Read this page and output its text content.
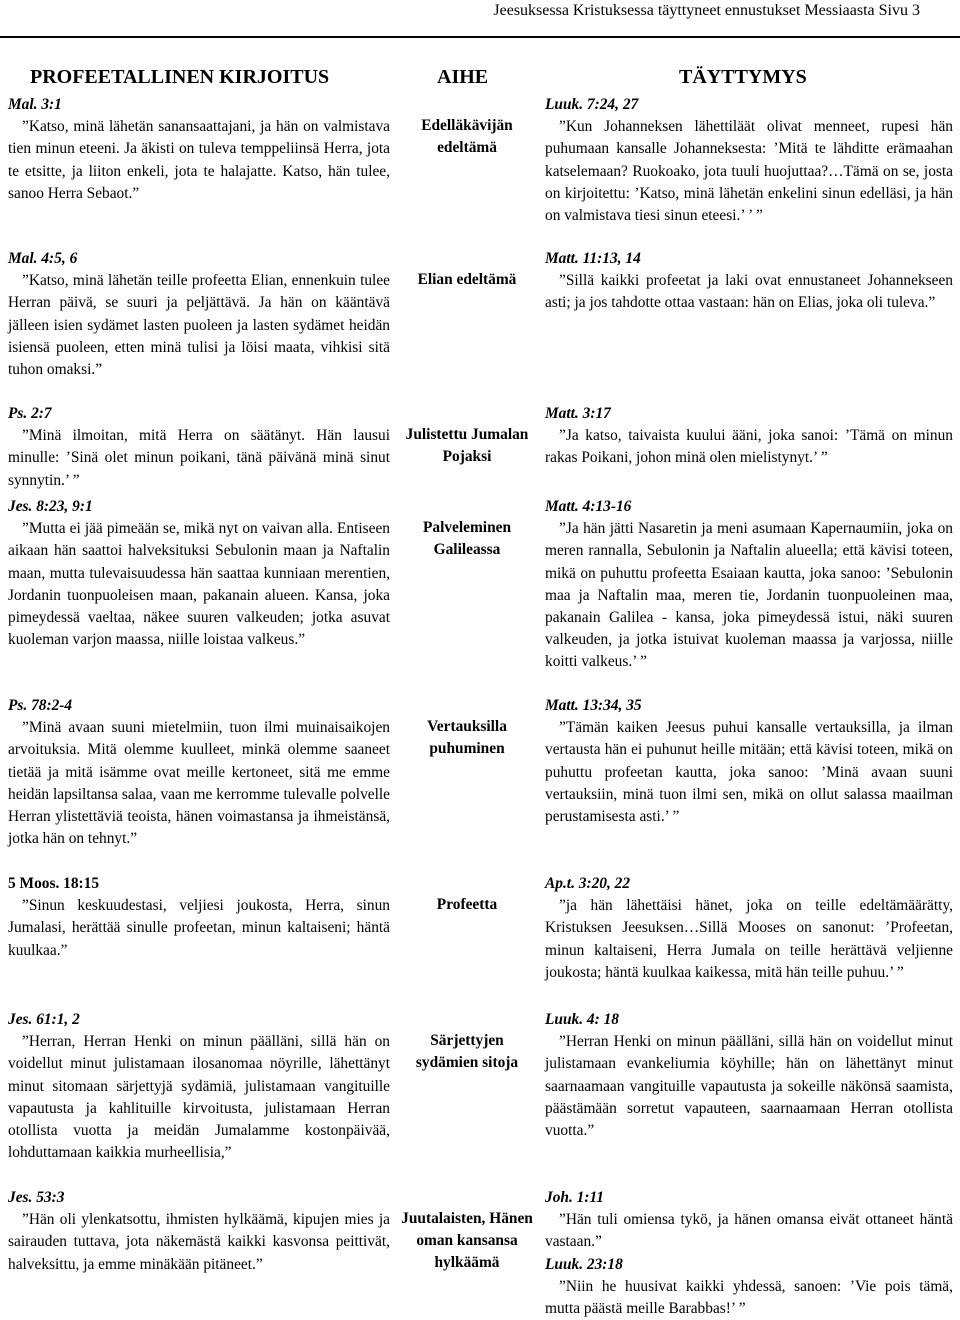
Jeesuksessa Kristuksessa täyttyneet ennustukset Messiaasta Sivu 3
PROFEETALLINEN KIRJOITUS	AIHE	TÄYTTYMYS
Mal. 3:1
”Katso, minä lähetän sanansaattajani, ja hän on valmistava tien minun eteeni. Ja äkisti on tuleva temppeliinsä Herra, jota te etsitte, ja liiton enkeli, jota te halajatte. Katso, hän tulee, sanoo Herra Sebaot.”
Edelläkävijän edeltämä
Luuk. 7:24, 27
”Kun Johanneksen lähettiläät olivat menneet, rupesi hän puhumaan kansalle Johanneksesta: ’Mitä te lähditte erämaahan katselemaan? Ruokoako, jota tuuli huojuttaa?…Tämä on se, josta on kirjoitettu: ’Katso, minä lähetän enkelini sinun edelläsi, ja hän on valmistava tiesi sinun eteesi.’ ’ ”
Mal. 4:5, 6
”Katso, minä lähetän teille profeetta Elian, ennenkuin tulee Herran päivä, se suuri ja peljättävä. Ja hän on kääntävä jälleen isien sydämet lasten puoleen ja lasten sydämet heidän isiensä puoleen, etten minä tulisi ja löisi maata, vihkisi sitä tuhon omaksi.”
Elian edeltämä
Matt. 11:13, 14
”Sillä kaikki profeetat ja laki ovat ennustaneet Johannekseen asti; ja jos tahdotte ottaa vastaan: hän on Elias, joka oli tuleva.”
Ps. 2:7
”Minä ilmoitan, mitä Herra on säätänyt. Hän lausui minulle: ’Sinä olet minun poikani, tänä päivänä minä sinut synnytin.’ ”
Julistettu Jumalan Pojaksi
Matt. 3:17
”Ja katso, taivaista kuului ääni, joka sanoi: ’Tämä on minun rakas Poikani, johon minä olen mielistynyt.’ ”
Jes. 8:23, 9:1
”Mutta ei jää pimeään se, mikä nyt on vaivan alla. Entiseen aikaan hän saattoi halveksituksi Sebulonin maan ja Naftalin maan, mutta tulevaisuudessa hän saattaa kunniaan merentien, Jordanin tuonpuoleisen maan, pakanain alueen. Kansa, joka pimeydessä vaeltaa, näkee suuren valkeuden; jotka asuvat kuoleman varjon maassa, niille loistaa valkeus.”
Palveleminen Galileassa
Matt. 4:13-16
”Ja hän jätti Nasaretin ja meni asumaan Kapernaumiin, joka on meren rannalla, Sebulonin ja Naftalin alueella; että kävisi toteen, mikä on puhuttu profeetta Esaiaan kautta, joka sanoo: ’Sebulonin maa ja Naftalin maa, meren tie, Jordanin tuonpuoleinen maa, pakanain Galilea - kansa, joka pimeydessä istui, näki suuren valkeuden, ja jotka istuivat kuoleman maassa ja varjossa, niille koitti valkeus.’ ”
Ps. 78:2-4
”Minä avaan suuni mietelmiin, tuon ilmi muinaisaikojen arvoituksia. Mitä olemme kuulleet, minkä olemme saaneet tietää ja mitä isämme ovat meille kertoneet, sitä me emme heidän lapsiltansa salaa, vaan me kerromme tulevalle polvelle Herran ylistettäviä teoista, hänen voimastansa ja ihmeistänsä, jotka hän on tehnyt.”
Vertauksilla puhuminen
Matt. 13:34, 35
”Tämän kaiken Jeesus puhui kansalle vertauksilla, ja ilman vertausta hän ei puhunut heille mitään; että kävisi toteen, mikä on puhuttu profeetan kautta, joka sanoo: ’Minä avaan suuni vertauksiin, minä tuon ilmi sen, mikä on ollut salassa maailman perustamisesta asti.’ ”
5 Moos. 18:15
”Sinun keskuudestasi, veljiesi joukosta, Herra, sinun Jumalasi, herättää sinulle profeetan, minun kaltaiseni; häntä kuulkaa.”
Profeetta
Ap.t. 3:20, 22
”ja hän lähettäisi hänet, joka on teille edeltämäärätty, Kristuksen Jeesuksen…Sillä Mooses on sanonut: ’Profeetan, minun kaltaiseni, Herra Jumala on teille herättävä veljienne joukosta; häntä kuulkaa kaikessa, mitä hän teille puhuu.’ ”
Jes. 61:1, 2
”Herran, Herran Henki on minun päälläni, sillä hän on voidellut minut julistamaan ilosanomaa nöyrille, lähettänyt minut sitomaan särjettyjä sydämiä, julistamaan vangituille vapautusta ja kahlituille kirvoitusta, julistamaan Herran otollista vuotta ja meidän Jumalamme kostonpäivää, lohduttamaan kaikkia murheellisia,”
Särjettyjen sydämien sitoja
Luuk. 4: 18
”Herran Henki on minun päälläni, sillä hän on voidellut minut julistamaan evankeliumia köyhille; hän on lähettänyt minut saarnaamaan vangituille vapautusta ja sokeille näkönsä saamista, päästämään sorretut vapauteen, saarnaamaan Herran otollista vuotta.”
Jes. 53:3
”Hän oli ylenkatsottu, ihmisten hylkäämä, kipujen mies ja sairauden tuttava, jota näkemästä kaikki kasvonsa peittivät, halveksittu, ja emme minäkään pitäneet.”
Juutalaisten, Hänen oman kansansa hylkäämä
Joh. 1:11
”Hän tuli omiensa tykö, ja hänen omansa eivät ottaneet häntä vastaan.”
Luuk. 23:18
”Niin he huusivat kaikki yhdessä, sanoen: ’Vie pois tämä, mutta päästä meille Barabbas!’ ”
